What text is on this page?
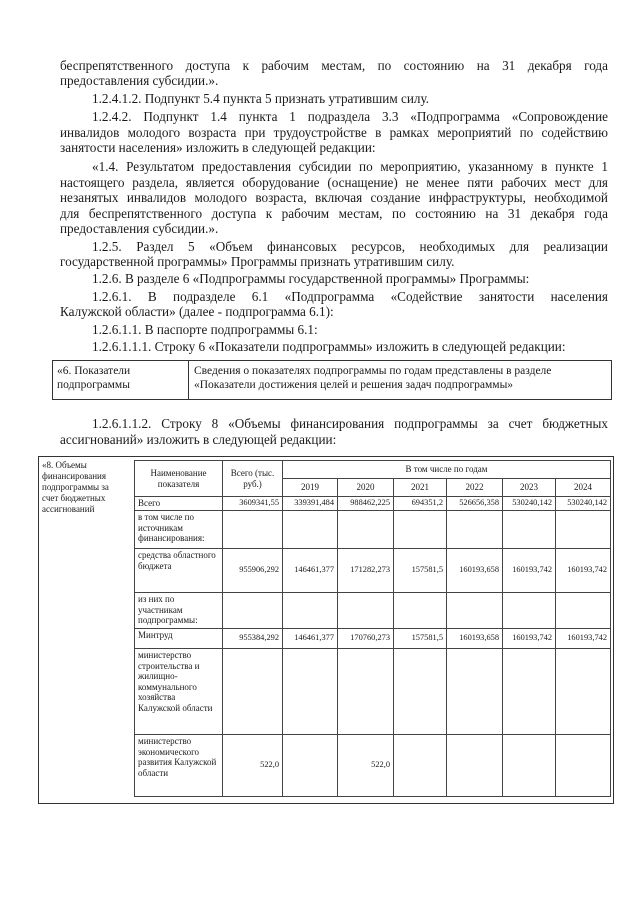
беспрепятственного доступа к рабочим местам, по состоянию на 31 декабря года

предоставления субсидии.».

1.2.4.1.2. Подпункт 5.4 пункта 5 признать утратившим силу.

1.2.4.2. Подпункт 1.4 пункта 1 подраздела 3.3 «Подпрограмма «Сопровождение

инвалидов молодого возраста при трудоустройстве в рамках мероприятий по содействию

занятости населения» изложить в следующей редакции:

«1.4. Результатом предоставления субсидии по мероприятию, указанному в пункте 1

настоящего раздела, является оборудование (оснащение) не менее пяти рабочих мест для

незанятых инвалидов молодого возраста, включая создание инфраструктуры, необходимой

для беспрепятственного доступа к рабочим местам, по состоянию на 31 декабря года

предоставления субсидии.».

1.2.5. Раздел 5 «Объем финансовых ресурсов, необходимых для реализации

государственной программы» Программы признать утратившим силу.

1.2.6. В разделе 6 «Подпрограммы государственной программы» Программы:

1.2.6.1. В подразделе 6.1 «Подпрограмма «Содействие занятости населения

Калужской области» (далее - подпрограмма 6.1):

1.2.6.1.1. В паспорте подпрограммы 6.1:

1.2.6.1.1.1. Строку 6 «Показатели подпрограммы» изложить в следующей редакции:

«6. Показатели подпрограммы
Сведения о показателях подпрограммы по годам представлены в разделе «Показатели достижения целей и решения задач подпрограммы»

1.2.6.1.1.2. Строку 8 «Объемы финансирования подпрограммы за счет бюджетных

ассигнований» изложить в следующей редакции:

«8. Объемы финансирования подпрограммы за счет бюджетных ассигнований
Наименование показателя	Всего (тыс. руб.)	В том числе по годам					
		2019	2020	2021	2022	2023	2024
Всего	3609341,55	339391,484	988462,225	694351,2	526656,358	530240,142	530240,142
в том числе по источникам финансирования:							
средства областного бюджета	955906,292	146461,377	171282,273	157581,5	160193,658	160193,742	160193,742
из них по участникам подпрограммы:							
Минтруд	955384,292	146461,377	170760,273	157581,5	160193,658	160193,742	160193,742
министерство строительства и жилищно-коммунального хозяйства Калужской области							
министерство экономического развития Калужской области	522,0		522,0				
